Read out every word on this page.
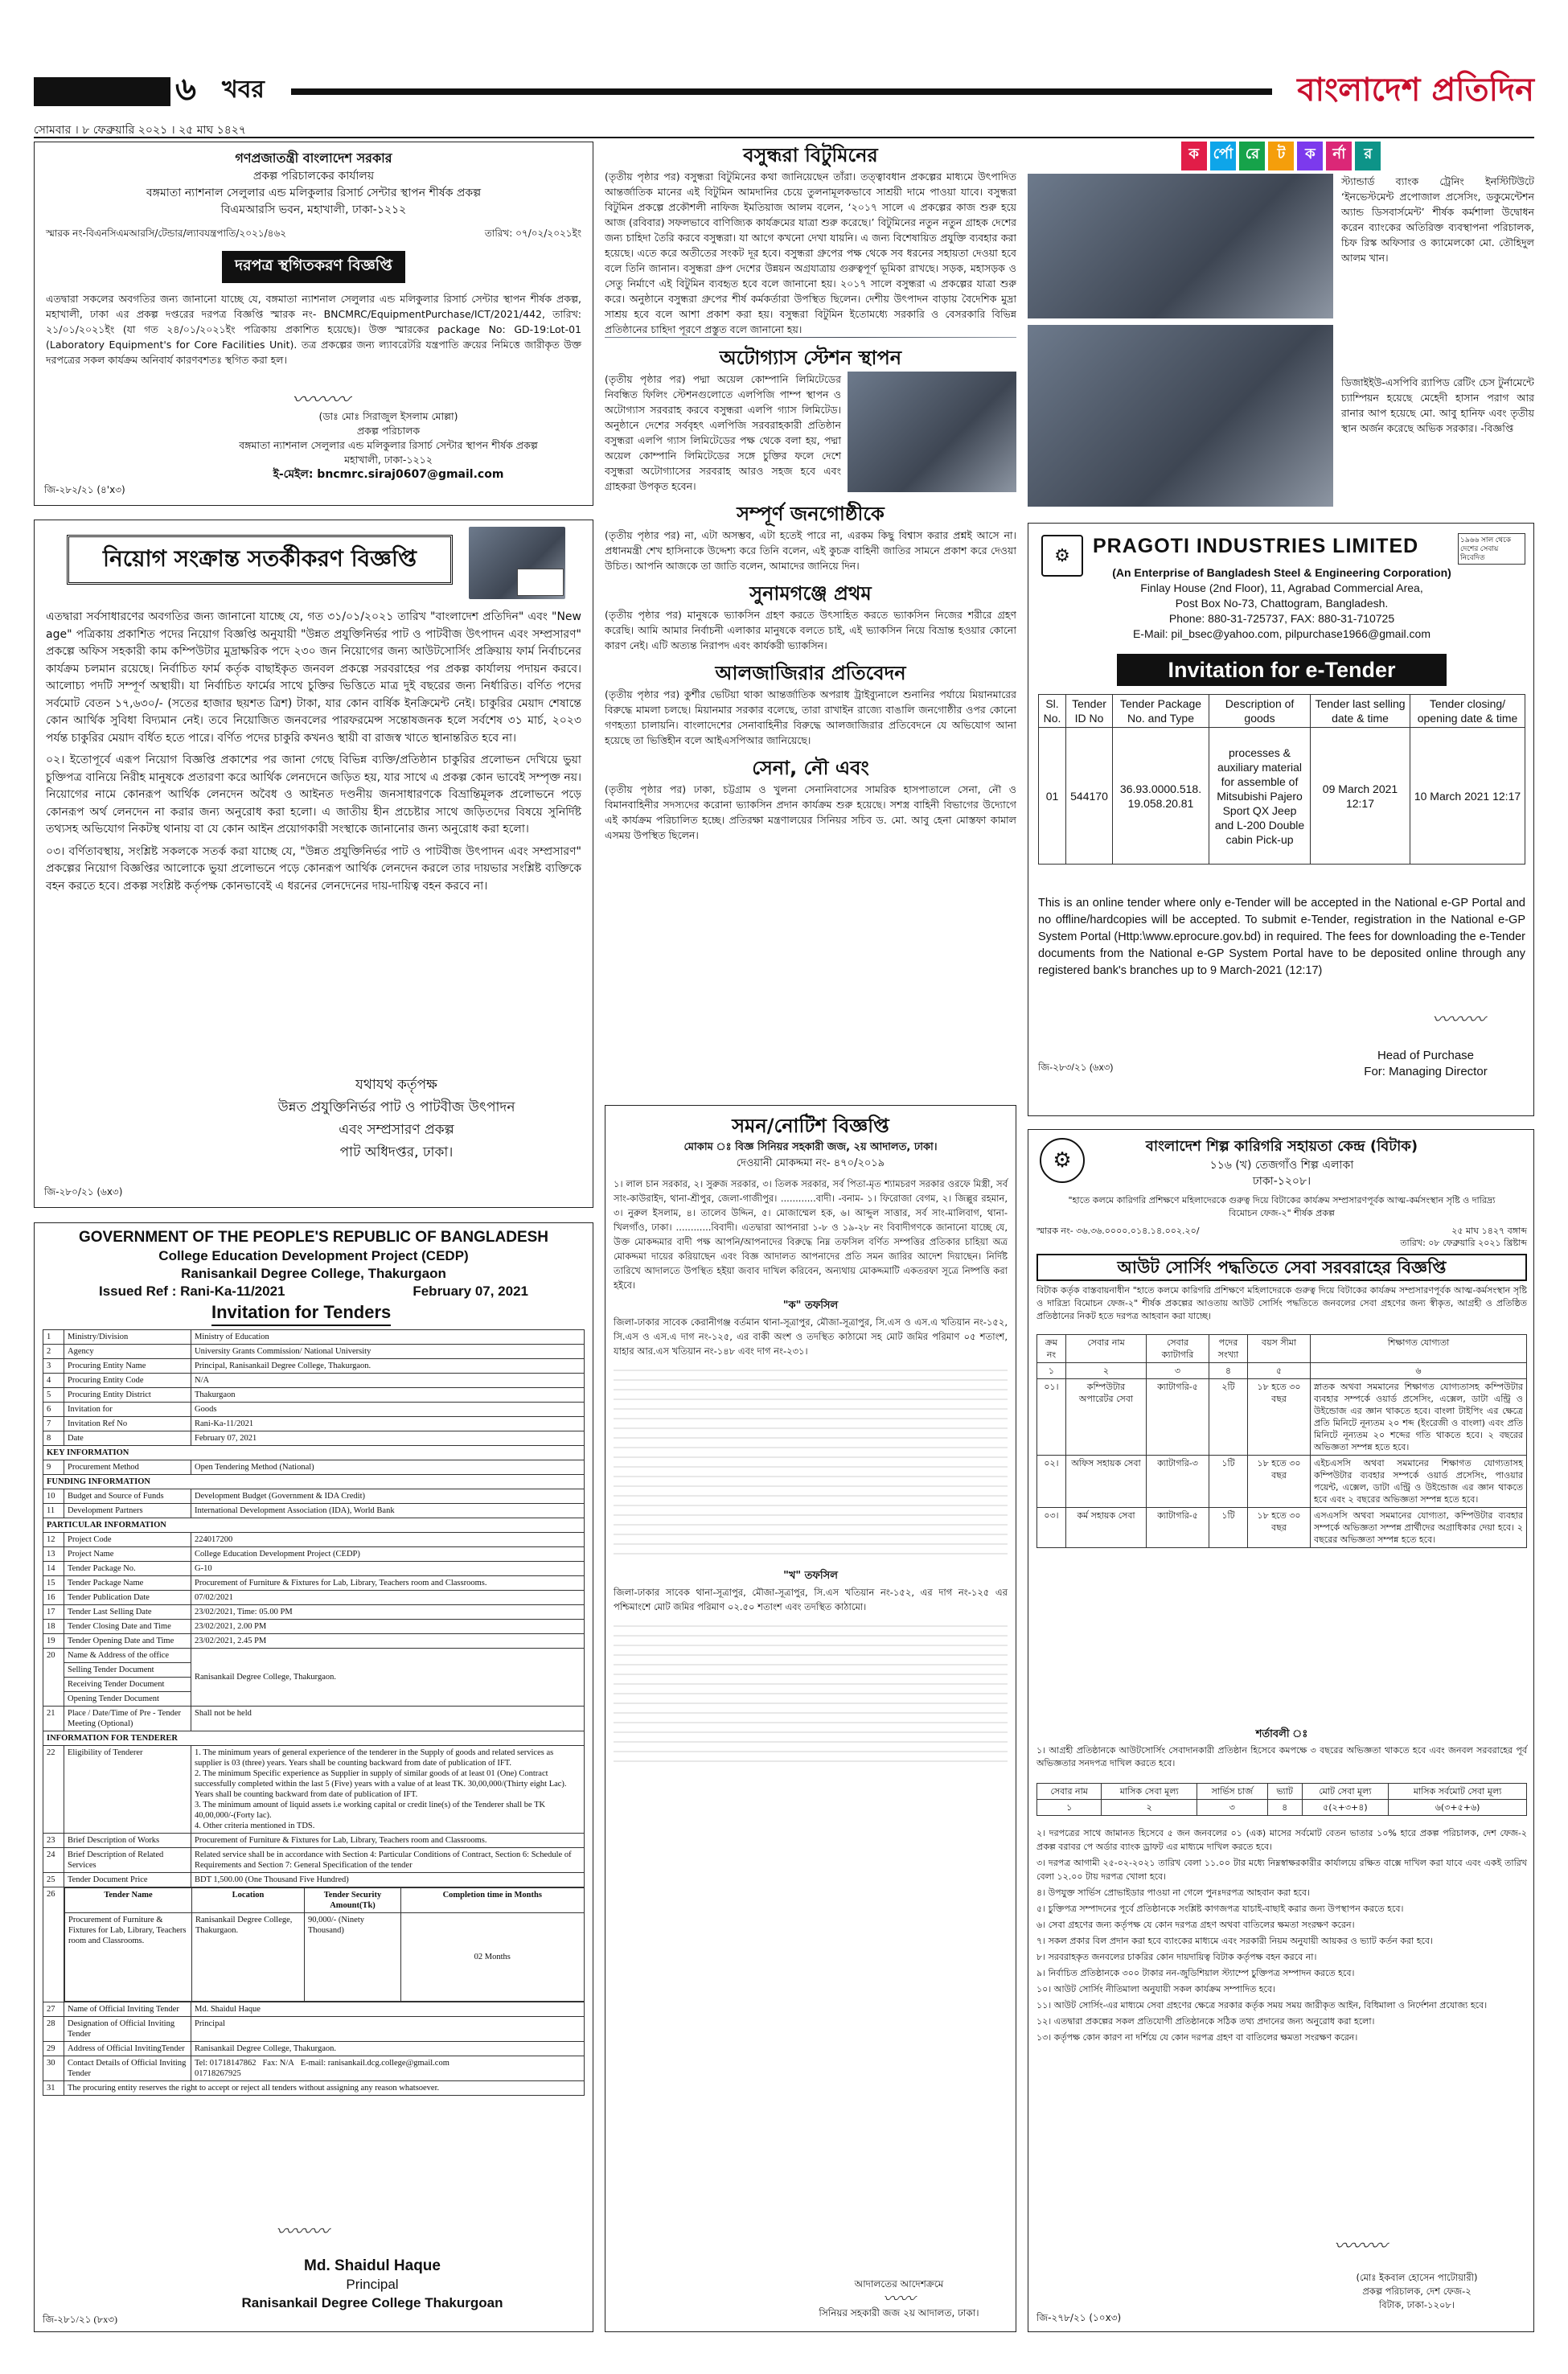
৬ খবর	বাংলাদেশ প্রতিদিন
সোমবার । ৮ ফেব্রুয়ারি ২০২১ । ২৫ মাঘ ১৪২৭
গণপ্রজাতন্ত্রী বাংলাদেশ সরকার
প্রকল্প পরিচালকের কার্যালয়
বঙ্গমাতা ন্যাশনাল সেলুলার এন্ড মলিকুলার রিসার্চ সেন্টার স্থাপন শীর্ষক প্রকল্প
বিএমআরসি ভবন, মহাখালী, ঢাকা-১২১২
স্মারক নং-বিএনসিএমআরসি/টেন্ডার/ল্যাবযন্ত্রপাতি/২০২১/৪৬২	তারিখ: ০৭/০২/২০২১ইং
দরপত্র স্থগিতকরণ বিজ্ঞপ্তি
এতদ্বারা সকলের অবগতির জন্য জানানো যাচ্ছে যে, বঙ্গমাতা ন্যাশনাল সেলুলার এন্ড মলিকুলার রিসার্চ সেন্টার স্থাপন শীর্ষক প্রকল্প, মহাখালী, ঢাকা এর প্রকল্প দপ্তরের দরপত্র বিজ্ঞপ্তি স্মারক নং- BNCMRC/EquipmentPurchase/ICT/2021/442, তারিখ: ২১/০১/২০২১ইং (যা গত ২৪/০১/২০২১ইং পত্রিকায় প্রকাশিত হয়েছে)। উক্ত স্মারকের package No: GD-19:Lot-01 (Laboratory Equipment's for Core Facilities Unit). তত্র প্রকল্পের জন্য ল্যাবরেটরি যন্ত্রপাতি ক্রয়ের নিমিত্তে জারীকৃত উক্ত দরপত্রের সকল কার্যক্রম অনিবার্য কারণবশতঃ স্থগিত করা হল।
〰︎〰︎〰︎
(ডাঃ মোঃ সিরাজুল ইসলাম মোল্লা)
প্রকল্প পরিচালক
বঙ্গমাতা ন্যাশনাল সেলুলার এন্ড মলিকুলার রিসার্চ সেন্টার স্থাপন শীর্ষক প্রকল্প
মহাখালী, ঢাকা-১২১২
ই-মেইল: bncmrc.siraj0607@gmail.com
জি-২৮২/২১ (৪'x৩)
নিয়োগ সংক্রান্ত সতর্কীকরণ বিজ্ঞপ্তি
এতদ্বারা সর্বসাধারণের অবগতির জন্য জানানো যাচ্ছে যে, গত ৩১/০১/২০২১ তারিখ "বাংলাদেশ প্রতিদিন" এবং "New age" পত্রিকায় প্রকাশিত পদের নিয়োগ বিজ্ঞপ্তি অনুযায়ী "উন্নত প্রযুক্তিনির্ভর পাট ও পাটবীজ উৎপাদন এবং সম্প্রসারণ" প্রকল্পে অফিস সহকারী কাম কম্পিউটার মুদ্রাক্ষরিক পদে ২৩০ জন নিয়োগের জন্য আউটসোর্সিং প্রক্রিয়ায় ফার্ম নির্বাচনের কার্যক্রম চলমান রয়েছে। নির্বাচিত ফার্ম কর্তৃক বাছাইকৃত জনবল প্রকল্পে সরবরাহের পর প্রকল্প কার্যালয় পদায়ন করবে। আলোচ্য পদটি সম্পূর্ণ অস্থায়ী। যা নির্বাচিত ফার্মের সাথে চুক্তির ভিত্তিতে মাত্র দুই বছরের জন্য নির্ধারিত। বর্ণিত পদের সর্বমোট বেতন ১৭,৬৩০/- (সতের হাজার ছয়শত ত্রিশ) টাকা, যার কোন বার্ষিক ইনক্রিমেন্ট নেই। চাকুরির মেয়াদ শেষান্তে কোন আর্থিক সুবিধা বিদ্যমান নেই। তবে নিয়োজিত জনবলের পারফরমেন্স সন্তোষজনক হলে সর্বশেষ ৩১ মার্চ, ২০২৩ পর্যন্ত চাকুরির মেয়াদ বর্ধিত হতে পারে। বর্ণিত পদের চাকুরি কখনও স্থায়ী বা রাজস্ব খাতে স্থানান্তরিত হবে না।
০২। ইতোপূর্বে এরূপ নিয়োগ বিজ্ঞপ্তি প্রকাশের পর জানা গেছে বিভিন্ন ব্যক্তি/প্রতিষ্ঠান চাকুরির প্রলোভন দেখিয়ে ভুয়া চুক্তিপত্র বানিয়ে নিরীহ মানুষকে প্রতারণা করে আর্থিক লেনদেনে জড়িত হয়, যার সাথে এ প্রকল্প কোন ভাবেই সম্পৃক্ত নয়। নিয়োগের নামে কোনরূপ আর্থিক লেনদেন অবৈধ ও আইনত দণ্ডনীয় জনসাধারণকে বিভ্রান্তিমূলক প্রলোভনে পড়ে কোনরূপ অর্থ লেনদেন না করার জন্য অনুরোধ করা হলো। এ জাতীয় হীন প্রচেষ্টার সাথে জড়িতদের বিষয়ে সুনির্দিষ্ট তথ্যসহ অভিযোগ নিকটস্থ থানায় বা যে কোন আইন প্রয়োগকারী সংস্থাকে জানানোর জন্য অনুরোধ করা হলো।
০৩। বর্ণিতাবস্থায়, সংশ্লিষ্ট সকলকে সতর্ক করা যাচ্ছে যে, "উন্নত প্রযুক্তিনির্ভর পাট ও পাটবীজ উৎপাদন এবং সম্প্রসারণ" প্রকল্পের নিয়োগ বিজ্ঞপ্তির আলোকে ভুয়া প্রলোভনে পড়ে কোনরূপ আর্থিক লেনদেন করলে তার দায়ভার সংশ্লিষ্ট ব্যক্তিকে বহন করতে হবে। প্রকল্প সংশ্লিষ্ট কর্তৃপক্ষ কোনভাবেই এ ধরনের লেনদেনের দায়-দায়িত্ব বহন করবে না।
যথাযথ কর্তৃপক্ষ
উন্নত প্রযুক্তিনির্ভর পাট ও পাটবীজ উৎপাদন
এবং সম্প্রসারণ প্রকল্প
পাট অধিদপ্তর, ঢাকা।
জি-২৮০/২১ (৬x৩)
GOVERNMENT OF THE PEOPLE'S REPUBLIC OF BANGLADESH
College Education Development Project (CEDP)
Ranisankail Degree College, Thakurgaon
Issued Ref : Rani-Ka-11/2021	February 07, 2021
Invitation for Tenders
1	Ministry/Division	Ministry of Education
2	Agency	University Grants Commission/ National University
3	Procuring Entity Name	Principal, Ranisankail Degree College, Thakurgaon.
4	Procuring Entity Code	N/A
5	Procuring Entity District	Thakurgaon
6	Invitation for	Goods
7	Invitation Ref No	Rani-Ka-11/2021
8	Date	February 07, 2021
KEY INFORMATION
9	Procurement Method	Open Tendering Method (National)
FUNDING INFORMATION
10	Budget and Source of Funds	Development Budget (Government & IDA Credit)
11	Development Partners	International Development Association (IDA), World Bank
PARTICULAR INFORMATION
12	Project Code	224017200
13	Project Name	College Education Development Project (CEDP)
14	Tender Package No.	G-10
15	Tender Package Name	Procurement of Furniture & Fixtures for Lab, Library, Teachers room and Classrooms.
16	Tender Publication Date	07/02/2021
17	Tender Last Selling Date	23/02/2021, Time: 05.00 PM
18	Tender Closing Date and Time	23/02/2021, 2.00 PM
19	Tender Opening Date and Time	23/02/2021, 2.45 PM
20	Name & Address of the office	Ranisankail Degree College, Thakurgaon.
Selling Tender Document
Receiving Tender Document
Opening Tender Document
21	Place / Date/Time of Pre - Tender Meeting (Optional)	Shall not be held
INFORMATION FOR TENDERER
22	Eligibility of Tenderer	1. The minimum years of general experience of the tenderer in the Supply of goods and related services as supplier is 03 (three) years. Years shall be counting backward from date of publication of IFT.
2. The minimum Specific experience as Supplier in supply of similar goods of at least 01 (One) Contract successfully completed within the last 5 (Five) years with a value of at least TK. 30,00,000/(Thirty eight Lac). Years shall be counting backward from date of publication of IFT.
3. The minimum amount of liquid assets i.e working capital or credit line(s) of the Tenderer shall be TK 40,00,000/-(Forty lac).
4. Other criteria mentioned in TDS.

23	Brief Description of Works	Procurement of Furniture & Fixtures for Lab, Library, Teachers room and Classrooms.
24	Brief Description of Related Services	Related service shall be in accordance with Section 4: Particular Conditions of Contract, Section 6: Schedule of Requirements and Section 7: General Specification of the tender
25	Tender Document Price	BDT 1,500.00 (One Thousand Five Hundred)
26		Tender Name	Location	Tender Security Amount(Tk)	Completion time in Months
Procurement of Furniture & Fixtures for Lab, Library, Teachers room and Classrooms.	Ranisankail Degree College, Thakurgaon.	90,000/- (Ninety Thousand)	02 Months

27	Name of Official Inviting Tender	Md. Shaidul Haque
28	Designation of Official Inviting Tender	Principal
29	Address of Official InvitingTender	Ranisankail Degree College, Thakurgaon.
30	Contact Details of Official Inviting Tender	Tel: 01718147862 Fax: N/A E-mail: ranisankail.dcg.college@gmail.com
01718267925
31	The procuring entity reserves the right to accept or reject all tenders without assigning any reason whatsoever.
〰︎〰︎〰︎
Md. Shaidul Haque
Principal
Ranisankail Degree College Thakurgoan
জি-২৮১/২১ (৮x৩)
বসুন্ধরা বিটুমিনের
(তৃতীয় পৃষ্ঠার পর) বসুন্ধরা বিটুমিনের কথা জানিয়েছেন তাঁরা। তত্ত্বাবধান প্রকল্পের মাধ্যমে উৎপাদিত আন্তর্জাতিক মানের এই বিটুমিন আমদানির চেয়ে তুলনামূলকভাবে সাশ্রয়ী দামে পাওয়া যাবে। বসুন্ধরা বিটুমিন প্রকল্পে প্রকৌশলী নাফিজ ইমতিয়াজ আলম বলেন, ‘২০১৭ সালে এ প্রকল্পের কাজ শুরু হয়ে আজ (রবিবার) সফলভাবে বাণিজ্যিক কার্যক্রমের যাত্রা শুরু করেছে।’ বিটুমিনের নতুন নতুন গ্রাহক দেশের জন্য চাহিদা তৈরি করবে বসুন্ধরা। যা আগে কখনো দেখা যায়নি। এ জন্য বিশেষায়িত প্রযুক্তি ব্যবহার করা হয়েছে। এতে করে অতীতের সংকট দূর হবে। বসুন্ধরা গ্রুপের পক্ষ থেকে সব ধরনের সহায়তা দেওয়া হবে বলে তিনি জানান। বসুন্ধরা গ্রুপ দেশের উন্নয়ন অগ্রযাত্রায় গুরুত্বপূর্ণ ভূমিকা রাখছে। সড়ক, মহাসড়ক ও সেতু নির্মাণে এই বিটুমিন ব্যবহৃত হবে বলে জানানো হয়। ২০১৭ সালে বসুন্ধরা এ প্রকল্পের যাত্রা শুরু করে। অনুষ্ঠানে বসুন্ধরা গ্রুপের শীর্ষ কর্মকর্তারা উপস্থিত ছিলেন। দেশীয় উৎপাদন বাড়ায় বৈদেশিক মুদ্রা সাশ্রয় হবে বলে আশা প্রকাশ করা হয়। বসুন্ধরা বিটুমিন ইতোমধ্যে সরকারি ও বেসরকারি বিভিন্ন প্রতিষ্ঠানের চাহিদা পূরণে প্রস্তুত বলে জানানো হয়।
অটোগ্যাস স্টেশন স্থাপন
(তৃতীয় পৃষ্ঠার পর) পদ্মা অয়েল কোম্পানি লিমিটেডের নিবন্ধিত ফিলিং স্টেশনগুলোতে এলপিজি পাম্প স্থাপন ও অটোগ্যাস সরবরাহ করবে বসুন্ধরা এলপি গ্যাস লিমিটেড। অনুষ্ঠানে দেশের সর্ববৃহৎ এলপিজি সরবরাহকারী প্রতিষ্ঠান বসুন্ধরা এলপি গ্যাস লিমিটেডের পক্ষ থেকে বলা হয়, পদ্মা অয়েল কোম্পানি লিমিটেডের সঙ্গে চুক্তির ফলে দেশে বসুন্ধরা অটোগ্যাসের সরবরাহ আরও সহজ হবে এবং গ্রাহকরা উপকৃত হবেন।
সম্পূর্ণ জনগোষ্ঠীকে
(তৃতীয় পৃষ্ঠার পর) না, এটা অসম্ভব, এটা হতেই পারে না, এরকম কিছু বিশ্বাস করার প্রশ্নই আসে না। প্রধানমন্ত্রী শেখ হাসিনাকে উদ্দেশ্য করে তিনি বলেন, এই কুচক্র বাহিনী জাতির সামনে প্রকাশ করে দেওয়া উচিত। আপনি আজকে তা জাতি বলেন, আমাদের জানিয়ে দিন।
সুনামগঞ্জে প্রথম
(তৃতীয় পৃষ্ঠার পর) মানুষকে ভ্যাকসিন গ্রহণ করতে উৎসাহিত করতে ভ্যাকসিন নিজের শরীরে গ্রহণ করেছি। আমি আমার নির্বাচনী এলাকার মানুষকে বলতে চাই, এই ভ্যাকসিন নিয়ে বিভ্রান্ত হওয়ার কোনো কারণ নেই। এটি অত্যন্ত নিরাপদ এবং কার্যকরী ভ্যাকসিন।
আলজাজিরার প্রতিবেদন
(তৃতীয় পৃষ্ঠার পর) কুর্শীর ভেটিয়া থাকা আন্তর্জাতিক অপরাধ ট্রাইব্যুনালে শুনানির পর্যায়ে মিয়ানমারের বিরুদ্ধে মামলা চলছে। মিয়ানমার সরকার বলেছে, তারা রাখাইন রাজ্যে বাঙালি জনগোষ্ঠীর ওপর কোনো গণহত্যা চালায়নি। বাংলাদেশের সেনাবাহিনীর বিরুদ্ধে আলজাজিরার প্রতিবেদনে যে অভিযোগ আনা হয়েছে তা ভিত্তিহীন বলে আইএসপিআর জানিয়েছে।
সেনা, নৌ এবং
(তৃতীয় পৃষ্ঠার পর) ঢাকা, চট্টগ্রাম ও খুলনা সেনানিবাসের সামরিক হাসপাতালে সেনা, নৌ ও বিমানবাহিনীর সদস্যদের করোনা ভ্যাকসিন প্রদান কার্যক্রম শুরু হয়েছে। সশস্ত্র বাহিনী বিভাগের উদ্যোগে এই কার্যক্রম পরিচালিত হচ্ছে। প্রতিরক্ষা মন্ত্রণালয়ের সিনিয়র সচিব ড. মো. আবু হেনা মোস্তফা কামাল এসময় উপস্থিত ছিলেন।
সমন/নোটিশ বিজ্ঞপ্তি
মোকাম ঃ বিজ্ঞ সিনিয়র সহকারী জজ, ২য় আদালত, ঢাকা।
দেওয়ানী মোকদ্দমা নং- ৪৭০/২০১৯
১। লাল চান সরকার, ২। সুরুজ সরকার, ৩। তিলক সরকার, সর্ব পিতা-মৃত শ্যামচরণ সরকার ওরফে মিস্ত্রী, সর্ব সাং-কাউরাইদ, থানা-শ্রীপুর, জেলা-গাজীপুর। ............বাদী। -বনাম- ১। ফিরোজা বেগম, ২। জিল্লুর রহমান, ৩। নুরুল ইসলাম, ৪। তালেব উদ্দিন, ৫। মোজাম্মেল হক, ৬। আব্দুল সাত্তার, সর্ব সাং-মালিবাগ, থানা-খিলগাঁও, ঢাকা। ............বিবাদী। এতদ্বারা আপনারা ১-৮ ও ১৯-২৮ নং বিবাদীগণকে জানানো যাচ্ছে যে, উক্ত মোকদ্দমার বাদী পক্ষ আপনি/আপনাদের বিরুদ্ধে নিম্ন তফসিল বর্ণিত সম্পত্তির প্রতিকার চাহিয়া অত্র মোকদ্দমা দায়ের করিয়াছেন এবং বিজ্ঞ আদালত আপনাদের প্রতি সমন জারির আদেশ দিয়াছেন। নির্দিষ্ট তারিখে আদালতে উপস্থিত হইয়া জবাব দাখিল করিবেন, অন্যথায় মোকদ্দমাটি একতরফা সূত্রে নিষ্পত্তি করা হইবে।
"ক" তফসিল
জিলা-ঢাকার সাবেক কেরানীগঞ্জ বর্তমান থানা-সূত্রাপুর, মৌজা-সূত্রাপুর, সি.এস ও এস.এ খতিয়ান নং-১৫২, সি.এস ও এস.এ দাগ নং-১২৫, এর বাকী অংশ ও তদস্থিত কাঠামো সহ মোট জমির পরিমাণ ০৫ শতাংশ, যাহার আর.এস খতিয়ান নং-১৪৮ এবং দাগ নং-২৩১।
"খ" তফসিল
জিলা-ঢাকার সাবেক থানা-সূত্রাপুর, মৌজা-সূত্রাপুর, সি.এস খতিয়ান নং-১৫২, এর দাগ নং-১২৫ এর পশ্চিমাংশে মোট জমির পরিমাণ ০২.৫০ শতাংশ এবং তদস্থিত কাঠামো।
আদালতের আদেশক্রমে
〰︎〰︎
সিনিয়র সহকারী জজ ২য় আদালত, ঢাকা।
ক র্পো রে	ট	ক	র্না	র
স্ট্যান্ডার্ড ব্যাংক ট্রেনিং ইনস্টিটিউটে ‘ইনভেস্টমেন্ট প্রপোজাল প্রসেসিং, ডকুমেন্টেশন অ্যান্ড ডিসবার্সমেন্ট’ শীর্ষক কর্মশালা উদ্বোধন করেন ব্যাংকের অতিরিক্ত ব্যবস্থাপনা পরিচালক, চিফ রিস্ক অফিসার ও ক্যামেলকো মো. তৌহিদুল আলম খান।
ডিজাইইউ-এসপিবি র‌্যাপিড রেটিং চেস টুর্নামেন্টে চ্যাম্পিয়ন হয়েছে মেহেদী হাসান পরাগ আর রানার আপ হয়েছে মো. আবু হানিফ এবং তৃতীয় স্থান অর্জন করেছে অভিক সরকার। -বিজ্ঞপ্তি
⚙	PRAGOTI INDUSTRIES LIMITED	১৯৬৬ সাল থেকে দেশের সেবায় নিবেদিত
(An Enterprise of Bangladesh Steel & Engineering Corporation)
Finlay House (2nd Floor), 11, Agrabad Commercial Area,
Post Box No-73, Chattogram, Bangladesh.
Phone: 880-31-725737, FAX: 880-31-710725
E-Mail: pil_bsec@yahoo.com, pilpurchase1966@gmail.com
Invitation for e-Tender
Sl. No.	Tender ID No	Tender Package No. and Type	Description of goods	Tender last selling date & time	Tender closing/ opening date & time
01	544170	36.93.0000.518. 19.058.20.81	processes & auxiliary material for assemble of Mitsubishi Pajero Sport QX Jeep and L-200 Double cabin Pick-up	09 March 2021 12:17	10 March 2021 12:17
This is an online tender where only e-Tender will be accepted in the National e-GP Portal and no offline/hardcopies will be accepted. To submit e-Tender, registration in the National e-GP System Portal (Http:\www.eprocure.gov.bd) in required. The fees for downloading the e-Tender documents from the National e-GP System Portal have to be deposited online through any registered bank's branches up to 9 March-2021 (12:17)
〰︎〰︎〰︎
Head of Purchase
For: Managing Director
জি-২৮৩/২১ (৬x৩)
⚙
বাংলাদেশ শিল্প কারিগরি সহায়তা কেন্দ্র (বিটাক)
১১৬ (খ) তেজগাঁও শিল্প এলাকা
ঢাকা-১২০৮।
"হাতে কলমে কারিগরি প্রশিক্ষণে মহিলাদেরকে গুরুত্ব দিয়ে বিটাকের কার্যক্রম সম্প্রসারণপূর্বক আত্ম-কর্মসংস্থান সৃষ্টি ও দারিদ্র্য বিমোচন ফেজ-২" শীর্ষক প্রকল্প
স্মারক নং- ৩৬.৩৬.০০০০.০১৪.১৪.০০২.২০/	২৫ মাঘ ১৪২৭ বঙ্গাব্দ
তারিখ: ০৮ ফেব্রুয়ারি ২০২১ খ্রিষ্টাব্দ
আউট সোর্সিং পদ্ধতিতে সেবা সরবরাহের বিজ্ঞপ্তি
বিটাক কর্তৃক বাস্তবায়নাধীন "হাতে কলমে কারিগরি প্রশিক্ষণে মহিলাদেরকে গুরুত্ব দিয়ে বিটাকের কার্যক্রম সম্প্রসারণপূর্বক আত্ম-কর্মসংস্থান সৃষ্টি ও দারিদ্র্য বিমোচন ফেজ-২" শীর্ষক প্রকল্পের আওতায় আউট সোর্সিং পদ্ধতিতে জনবলের সেবা গ্রহণের জন্য স্বীকৃত, আগ্রহী ও প্রতিষ্ঠিত প্রতিষ্ঠানের নিকট হতে দরপত্র আহবান করা যাচ্ছে।
ক্রম নং	সেবার নাম	সেবার ক্যাটাগরি	পদের সংখ্যা	বয়স সীমা	শিক্ষাগত যোগ্যতা
১	২	৩	৪	৫	৬
০১।	কম্পিউটার অপারেটর সেবা	ক্যাটাগরি-৫	২টি	১৮ হতে ৩০ বছর	স্নাতক অথবা সমমানের শিক্ষাগত যোগ্যতাসহ কম্পিউটার ব্যবহার সম্পর্কে ওয়ার্ড প্রসেসিং, এক্সেল, ডাটা এন্ট্রি ও উইন্ডোজ এর জ্ঞান থাকতে হবে। বাংলা টাইপিং এর ক্ষেত্রে প্রতি মিনিটে নূন্যতম ২০ শব্দ (ইংরেজী ও বাংলা) এবং প্রতি মিনিটে নূন্যতম ২০ শব্দের গতি থাকতে হবে। ২ বছরের অভিজ্ঞতা সম্পন্ন হতে হবে।
০২।	অফিস সহায়ক সেবা	ক্যাটাগরি-৩	১টি	১৮ হতে ৩০ বছর	এইচএসসি অথবা সমমানের শিক্ষাগত যোগ্যতাসহ কম্পিউটার ব্যবহার সম্পর্কে ওয়ার্ড প্রসেসিং, পাওয়ার পয়েন্ট, এক্সেল, ডাটা এন্ট্রি ও উইন্ডোজ এর জ্ঞান থাকতে হবে এবং ২ বছরের অভিজ্ঞতা সম্পন্ন হতে হবে।
০৩।	কর্ম সহায়ক সেবা	ক্যাটাগরি-৫	১টি	১৮ হতে ৩০ বছর	এসএসসি অথবা সমমানের যোগ্যতা, কম্পিউটার ব্যবহার সম্পর্কে অভিজ্ঞতা সম্পন্ন প্রার্থীদের অগ্রাধিকার দেয়া হবে। ২ বছরের অভিজ্ঞতা সম্পন্ন হতে হবে।
শর্তাবলী ঃ
১। আগ্রহী প্রতিষ্ঠানকে আউটসোর্সিং সেবাদানকারী প্রতিষ্ঠান হিসেবে কমপক্ষে ৩ বছরের অভিজ্ঞতা থাকতে হবে এবং জনবল সরবরাহের পূর্ব অভিজ্ঞতার সনদপত্র দাখিল করতে হবে।
সেবার নাম	মাসিক সেবা মূল্য	সার্ভিস চার্জ	ভ্যাট	মোট সেবা মূল্য	মাসিক সর্বমোট সেবা মূল্য
১	২	৩	৪	৫(২+৩+৪)	৬(৩+৫+৬)
২। দরপত্রের সাথে জামানত হিসেবে ৫ জন জনবলের ০১ (এক) মাসের সর্বমোট বেতন ভাতার ১০% হারে প্রকল্প পরিচালক, দেশ ফেজ-২ প্রকল্প বরাবর পে অর্ডার ব্যাংক ড্রাফট এর মাধ্যমে দাখিল করতে হবে।
৩। দরপত্র আগামী ২৫-০২-২০২১ তারিখ বেলা ১১.০০ টার মধ্যে নিম্নস্বাক্ষরকারীর কার্যালয়ে রক্ষিত বাক্সে দাখিল করা যাবে এবং একই তারিখ বেলা ১২.০০ টায় দরপত্র খোলা হবে।
৪। উপযুক্ত সার্ভিস প্রোভাইডার পাওয়া না গেলে পুনঃদরপত্র আহবান করা হবে।
৫। চুক্তিপত্র সম্পাদনের পূর্বে প্রতিষ্ঠানকে সংশ্লিষ্ট কাগজপত্র যাচাই-বাছাই করার জন্য উপস্থাপন করতে হবে।
৬। সেবা গ্রহণের জন্য কর্তৃপক্ষ যে কোন দরপত্র গ্রহণ অথবা বাতিলের ক্ষমতা সংরক্ষণ করেন।
৭। সকল প্রকার বিল প্রদান করা হবে ব্যাংকের মাধ্যমে এবং সরকারী নিয়ম অনুযায়ী আয়কর ও ভ্যাট কর্তন করা হবে।
৮। সরবরাহকৃত জনবলের চাকরির কোন দায়দায়িত্ব বিটাক কর্তৃপক্ষ বহন করবে না।
৯। নির্বাচিত প্রতিষ্ঠানকে ৩০০ টাকার নন-জুডিশিয়াল স্ট্যাম্পে চুক্তিপত্র সম্পাদন করতে হবে।
১০। আউট সোর্সিং নীতিমালা অনুযায়ী সকল কার্যক্রম সম্পাদিত হবে।
১১। আউট সোর্সিং-এর মাধ্যমে সেবা গ্রহণের ক্ষেত্রে সরকার কর্তৃক সময় সময় জারীকৃত আইন, বিধিমালা ও নির্দেশনা প্রযোজ্য হবে।
১২। এতদ্বারা প্রকল্পের সকল প্রতিযোগী প্রতিষ্ঠানকে সঠিক তথ্য প্রদানের জন্য অনুরোধ করা হলো।
১৩। কর্তৃপক্ষ কোন কারণ না দর্শিয়ে যে কোন দরপত্র গ্রহণ বা বাতিলের ক্ষমতা সংরক্ষণ করেন।
〰︎〰︎〰︎
(মোঃ ইকবাল হোসেন পাটোয়ারী)
প্রকল্প পরিচালক, দেশ ফেজ-২
বিটাক, ঢাকা-১২০৮।
জি-২৭৮/২১ (১০x৩)
